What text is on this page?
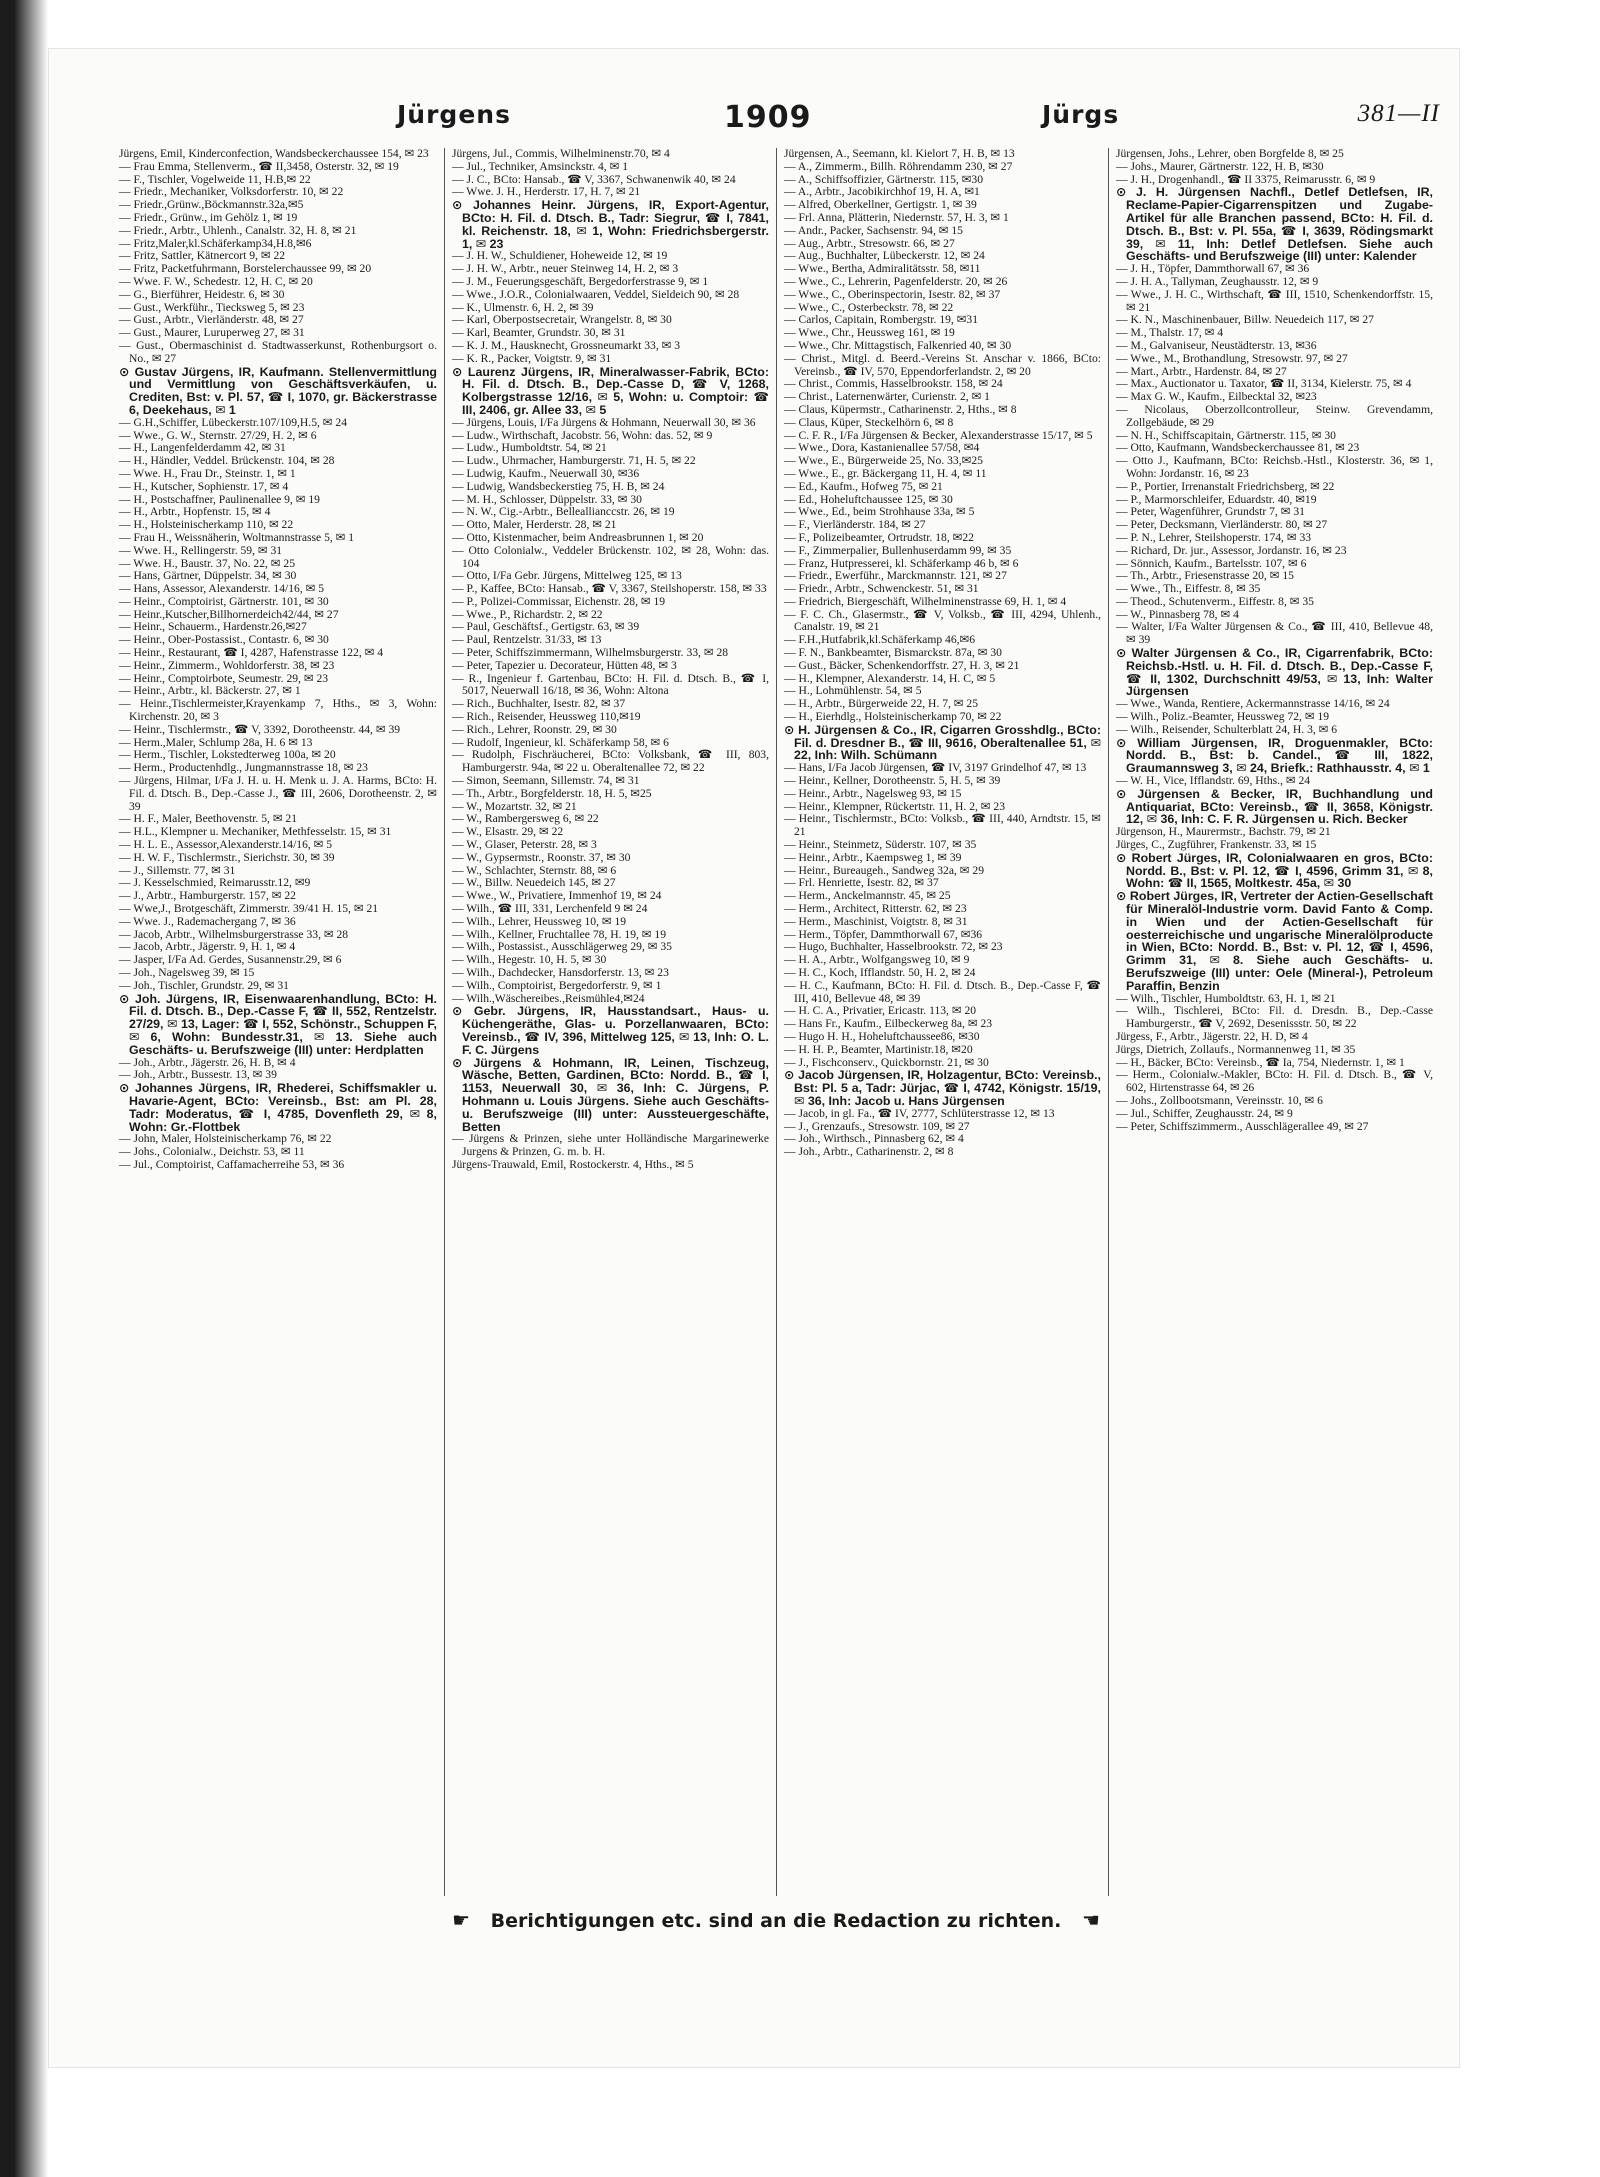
Jürgens	1909	Jürgs	381—II

Jürgens, Emil, Kinderconfection, Wandsbeckerchaussee 154, ✉ 23

— Frau Emma, Stellenverm., ☎ II,3458, Osterstr. 32, ✉ 19

— F., Tischler, Vogelweide 11, H.B,✉ 22

— Friedr., Mechaniker, Volksdorferstr. 10, ✉ 22

— Friedr.,Grünw.,Böckmannstr.32a,✉5

— Friedr., Grünw., im Gehölz 1, ✉ 19

— Friedr., Arbtr., Uhlenh., Canalstr. 32, H. 8, ✉ 21

— Fritz,Maler,kl.Schäferkamp34,H.8,✉6

— Fritz, Sattler, Kätnercort 9, ✉ 22

— Fritz, Packetfuhrmann, Borstelerchaussee 99, ✉ 20

— Wwe. F. W., Schedestr. 12, H. C, ✉ 20

— G., Bierführer, Heidestr. 6, ✉ 30

— Gust., Werkführ., Tiecksweg 5, ✉ 23

— Gust., Arbtr., Vierländerstr. 48, ✉ 27

— Gust., Maurer, Luruperweg 27, ✉ 31

— Gust., Obermaschinist d. Stadtwasserkunst, Rothenburgsort o. No., ✉ 27

⊙ Gustav Jürgens, IR, Kaufmann. Stellenvermittlung und Vermittlung von Geschäftsverkäufen, u. Crediten, Bst: v. Pl. 57, ☎ I, 1070, gr. Bäckerstrasse 6, Deekehaus, ✉ 1

— G.H.,Schiffer, Lübeckerstr.107/109,H.5, ✉ 24

— Wwe., G. W., Sternstr. 27/29, H. 2, ✉ 6

— H., Langenfelderdamm 42, ✉ 31

— H., Händler, Veddel. Brückenstr. 104, ✉ 28

— Wwe. H., Frau Dr., Steinstr. 1, ✉ 1

— H., Kutscher, Sophienstr. 17, ✉ 4

— H., Postschaffner, Paulinenallee 9, ✉ 19

— H., Arbtr., Hopfenstr. 15, ✉ 4

— H., Holsteinischerkamp 110, ✉ 22

— Frau H., Weissnäherin, Woltmannstrasse 5, ✉ 1

— Wwe. H., Rellingerstr. 59, ✉ 31

— Wwe. H., Baustr. 37, No. 22, ✉ 25

— Hans, Gärtner, Düppelstr. 34, ✉ 30

— Hans, Assessor, Alexanderstr. 14/16, ✉ 5

— Heinr., Comptoirist, Gärtnerstr. 101, ✉ 30

— Heinr.,Kutscher,Billhornerdeich42/44, ✉ 27

— Heinr., Schauerm., Hardenstr.26,✉27

— Heinr., Ober-Postassist., Contastr. 6, ✉ 30

— Heinr., Restaurant, ☎ I, 4287, Hafenstrasse 122, ✉ 4

— Heinr., Zimmerm., Wohldorferstr. 38, ✉ 23

— Heinr., Comptoirbote, Seumestr. 29, ✉ 23

— Heinr., Arbtr., kl. Bäckerstr. 27, ✉ 1

— Heinr.,Tischlermeister,Krayenkamp 7, Hths., ✉ 3, Wohn: Kirchenstr. 20, ✉ 3

— Heinr., Tischlermstr., ☎ V, 3392, Dorotheenstr. 44, ✉ 39

— Herm.,Maler, Schlump 28a, H. 6 ✉ 13

— Herm., Tischler, Lokstedterweg 100a, ✉ 20

— Herm., Productenhdlg., Jungmannstrasse 18, ✉ 23

— Jürgens, Hilmar, I/Fa J. H. u. H. Menk u. J. A. Harms, BCto: H. Fil. d. Dtsch. B., Dep.-Casse J., ☎ III, 2606, Dorotheenstr. 2, ✉ 39

— H. F., Maler, Beethovenstr. 5, ✉ 21

— H.L., Klempner u. Mechaniker, Methfesselstr. 15, ✉ 31

— H. L. E., Assessor,Alexanderstr.14/16, ✉ 5

— H. W. F., Tischlermstr., Sierichstr. 30, ✉ 39

— J., Sillemstr. 77, ✉ 31

— J. Kesselschmied, Reimarusstr.12, ✉9

— J., Arbtr., Hamburgerstr. 157, ✉ 22

— Wwe,J., Brotgeschäft, Zimmerstr. 39/41 H. 15, ✉ 21

— Wwe. J., Rademachergang 7, ✉ 36

— Jacob, Arbtr., Wilhelmsburgerstrasse 33, ✉ 28

— Jacob, Arbtr., Jägerstr. 9, H. 1, ✉ 4

— Jasper, I/Fa Ad. Gerdes, Susannenstr.29, ✉ 6

— Joh., Nagelsweg 39, ✉ 15

— Joh., Tischler, Grundstr. 29, ✉ 31

⊙ Joh. Jürgens, IR, Eisenwaarenhandlung, BCto: H. Fil. d. Dtsch. B., Dep.-Casse F, ☎ II, 552, Rentzelstr. 27/29, ✉ 13, Lager: ☎ I, 552, Schönstr., Schuppen F, ✉ 6, Wohn: Bundesstr.31, ✉ 13. Siehe auch Geschäfts- u. Berufszweige (III) unter: Herdplatten

— Joh., Arbtr., Jägerstr. 26, H. B, ✉ 4

— Joh., Arbtr., Bussestr. 13, ✉ 39

⊙ Johannes Jürgens, IR, Rhederei, Schiffsmakler u. Havarie-Agent, BCto: Vereinsb., Bst: am Pl. 28, Tadr: Moderatus, ☎ I, 4785, Dovenfleth 29, ✉ 8, Wohn: Gr.-Flottbek

— John, Maler, Holsteinischerkamp 76, ✉ 22

— Johs., Colonialw., Deichstr. 53, ✉ 11

— Jul., Comptoirist, Caffamacherreihe 53, ✉ 36

Jürgens, Jul., Commis, Wilhelminenstr.70, ✉ 4

— Jul., Techniker, Amsinckstr. 4, ✉ 1

— J. C., BCto: Hansab., ☎ V, 3367, Schwanenwik 40, ✉ 24

— Wwe. J. H., Herderstr. 17, H. 7, ✉ 21

⊙ Johannes Heinr. Jürgens, IR, Export-Agentur, BCto: H. Fil. d. Dtsch. B., Tadr: Siegrur, ☎ I, 7841, kl. Reichenstr. 18, ✉ 1, Wohn: Friedrichsbergerstr. 1, ✉ 23

— J. H. W., Schuldiener, Hoheweide 12, ✉ 19

— J. H. W., Arbtr., neuer Steinweg 14, H. 2, ✉ 3

— J. M., Feuerungsgeschäft, Bergedorferstrasse 9, ✉ 1

— Wwe., J.O.R., Colonialwaaren, Veddel, Sieldeich 90, ✉ 28

— K., Ulmenstr. 6, H. 2, ✉ 39

— Karl, Oberpostsecretair, Wrangelstr. 8, ✉ 30

— Karl, Beamter, Grundstr. 30, ✉ 31

— K. J. M., Hausknecht, Grossneumarkt 33, ✉ 3

— K. R., Packer, Voigtstr. 9, ✉ 31

⊙ Laurenz Jürgens, IR, Mineralwasser-Fabrik, BCto: H. Fil. d. Dtsch. B., Dep.-Casse D, ☎ V, 1268, Kolbergstrasse 12/16, ✉ 5, Wohn: u. Comptoir: ☎ III, 2406, gr. Allee 33, ✉ 5

— Jürgens, Louis, I/Fa Jürgens & Hohmann, Neuerwall 30, ✉ 36

— Ludw., Wirthschaft, Jacobstr. 56, Wohn: das. 52, ✉ 9

— Ludw., Humboldtstr. 54, ✉ 21

— Ludw., Uhrmacher, Hamburgerstr. 71, H. 5, ✉ 22

— Ludwig, Kaufm., Neuerwall 30, ✉36

— Ludwig, Wandsbeckerstieg 75, H. B, ✉ 24

— M. H., Schlosser, Düppelstr. 33, ✉ 30

— N. W., Cig.-Arbtr., Belleallianccstr. 26, ✉ 19

— Otto, Maler, Herderstr. 28, ✉ 21

— Otto, Kistenmacher, beim Andreasbrunnen 1, ✉ 20

— Otto Colonialw., Veddeler Brückenstr. 102, ✉ 28, Wohn: das. 104

— Otto, I/Fa Gebr. Jürgens, Mittelweg 125, ✉ 13

— P., Kaffee, BCto: Hansab., ☎ V, 3367, Steilshoperstr. 158, ✉ 33

— P., Polizei-Commissar, Eichenstr. 28, ✉ 19

— Wwe., P., Richardstr. 2, ✉ 22

— Paul, Geschäftsf., Gertigstr. 63, ✉ 39

— Paul, Rentzelstr. 31/33, ✉ 13

— Peter, Schiffszimmermann, Wilhelmsburgerstr. 33, ✉ 28

— Peter, Tapezier u. Decorateur, Hütten 48, ✉ 3

— R., Ingenieur f. Gartenbau, BCto: H. Fil. d. Dtsch. B., ☎ I, 5017, Neuerwall 16/18, ✉ 36, Wohn: Altona

— Rich., Buchhalter, Isestr. 82, ✉ 37

— Rich., Reisender, Heussweg 110,✉19

— Rich., Lehrer, Roonstr. 29, ✉ 30

— Rudolf, Ingenieur, kl. Schäferkamp 58, ✉ 6

— Rudolph, Fischräucherei, BCto: Volksbank, ☎ III, 803, Hamburgerstr. 94a, ✉ 22 u. Oberaltenallee 72, ✉ 22

— Simon, Seemann, Sillemstr. 74, ✉ 31

— Th., Arbtr., Borgfelderstr. 18, H. 5, ✉25

— W., Mozartstr. 32, ✉ 21

— W., Rambergersweg 6, ✉ 22

— W., Elsastr. 29, ✉ 22

— W., Glaser, Peterstr. 28, ✉ 3

— W., Gypsermstr., Roonstr. 37, ✉ 30

— W., Schlachter, Sternstr. 88, ✉ 6

— W., Billw. Neuedeich 145, ✉ 27

— Wwe., W., Privatiere, Immenhof 19, ✉ 24

— Wilh., ☎ III, 331, Lerchenfeld 9 ✉ 24

— Wilh., Lehrer, Heussweg 10, ✉ 19

— Wilh., Kellner, Fruchtallee 78, H. 19, ✉ 19

— Wilh., Postassist., Ausschlägerweg 29, ✉ 35

— Wilh., Hegestr. 10, H. 5, ✉ 30

— Wilh., Dachdecker, Hansdorferstr. 13, ✉ 23

— Wilh., Comptoirist, Bergedorferstr. 9, ✉ 1

— Wilh.,Wäschereibes.,Reismühle4,✉24

⊙ Gebr. Jürgens, IR, Hausstandsart., Haus- u. Küchengeräthe, Glas- u. Porzellanwaaren, BCto: Vereinsb., ☎ IV, 396, Mittelweg 125, ✉ 13, Inh: O. L. F. C. Jürgens

⊙ Jürgens & Hohmann, IR, Leinen, Tischzeug, Wäsche, Betten, Gardinen, BCto: Nordd. B., ☎ I, 1153, Neuerwall 30, ✉ 36, Inh: C. Jürgens, P. Hohmann u. Louis Jürgens. Siehe auch Geschäfts- u. Berufszweige (III) unter: Aussteuergeschäfte, Betten

— Jürgens & Prinzen, siehe unter Holländische Margarinewerke Jurgens & Prinzen, G. m. b. H.

Jürgens-Trauwald, Emil, Rostockerstr. 4, Hths., ✉ 5

Jürgensen, A., Seemann, kl. Kielort 7, H. B, ✉ 13

— A., Zimmerm., Billh. Röhrendamm 230, ✉ 27

— A., Schiffsoffizier, Gärtnerstr. 115, ✉30

— A., Arbtr., Jacobikirchhof 19, H. A, ✉1

— Alfred, Oberkellner, Gertigstr. 1, ✉ 39

— Frl. Anna, Plätterin, Niedernstr. 57, H. 3, ✉ 1

— Andr., Packer, Sachsenstr. 94, ✉ 15

— Aug., Arbtr., Stresowstr. 66, ✉ 27

— Aug., Buchhalter, Lübeckerstr. 12, ✉ 24

— Wwe., Bertha, Admiralitätsstr. 58, ✉11

— Wwe., C., Lehrerin, Pagenfelderstr. 20, ✉ 26

— Wwe., C., Oberinspectorin, Isestr. 82, ✉ 37

— Wwe., C., Osterbeckstr. 78, ✉ 22

— Carlos, Capitain, Rombergstr. 19, ✉31

— Wwe., Chr., Heussweg 161, ✉ 19

— Wwe., Chr. Mittagstisch, Falkenried 40, ✉ 30

— Christ., Mitgl. d. Beerd.-Vereins St. Anschar v. 1866, BCto: Vereinsb., ☎ IV, 570, Eppendorferlandstr. 2, ✉ 20

— Christ., Commis, Hasselbrookstr. 158, ✉ 24

— Christ., Laternenwärter, Curienstr. 2, ✉ 1

— Claus, Küpermstr., Catharinenstr. 2, Hths., ✉ 8

— Claus, Küper, Steckelhörn 6, ✉ 8

— C. F. R., I/Fa Jürgensen & Becker, Alexanderstrasse 15/17, ✉ 5

— Wwe., Dora, Kastanienallee 57/58, ✉4

— Wwe., E., Bürgerweide 25, No. 33,✉25

— Wwe., E., gr. Bäckergang 11, H. 4, ✉ 11

— Ed., Kaufm., Hofweg 75, ✉ 21

— Ed., Hoheluftchaussee 125, ✉ 30

— Wwe., Ed., beim Strohhause 33a, ✉ 5

— F., Vierländerstr. 184, ✉ 27

— F., Polizeibeamter, Ortrudstr. 18, ✉22

— F., Zimmerpalier, Bullenhuserdamm 99, ✉ 35

— Franz, Hutpresserei, kl. Schäferkamp 46 b, ✉ 6

— Friedr., Ewerführ., Marckmannstr. 121, ✉ 27

— Friedr., Arbtr., Schwenckestr. 51, ✉ 31

— Friedrich, Biergeschäft, Wilhelminenstrasse 69, H. 1, ✉ 4

— F. C. Ch., Glasermstr., ☎ V, Volksb., ☎ III, 4294, Uhlenh., Canalstr. 19, ✉ 21

— F.H.,Hutfabrik,kl.Schäferkamp 46,✉6

— F. N., Bankbeamter, Bismarckstr. 87a, ✉ 30

— Gust., Bäcker, Schenkendorffstr. 27, H. 3, ✉ 21

— H., Klempner, Alexanderstr. 14, H. C, ✉ 5

— H., Lohmühlenstr. 54, ✉ 5

— H., Arbtr., Bürgerweide 22, H. 7, ✉ 25

— H., Eierhdlg., Holsteinischerkamp 70, ✉ 22

⊙ H. Jürgensen & Co., IR, Cigarren Grosshdlg., BCto: Fil. d. Dresdner B., ☎ III, 9616, Oberaltenallee 51, ✉ 22, Inh: Wilh. Schümann

— Hans, I/Fa Jacob Jürgensen, ☎ IV, 3197 Grindelhof 47, ✉ 13

— Heinr., Kellner, Dorotheenstr. 5, H. 5, ✉ 39

— Heinr., Arbtr., Nagelsweg 93, ✉ 15

— Heinr., Klempner, Rückertstr. 11, H. 2, ✉ 23

— Heinr., Tischlermstr., BCto: Volksb., ☎ III, 440, Arndtstr. 15, ✉ 21

— Heinr., Steinmetz, Süderstr. 107, ✉ 35

— Heinr., Arbtr., Kaempsweg 1, ✉ 39

— Heinr., Bureaugeh., Sandweg 32a, ✉ 29

— Frl. Henriette, Isestr. 82, ✉ 37

— Herm., Anckelmannstr. 45, ✉ 25

— Herm., Architect, Ritterstr. 62, ✉ 23

— Herm., Maschinist, Voigtstr. 8, ✉ 31

— Herm., Töpfer, Dammthorwall 67, ✉36

— Hugo, Buchhalter, Hasselbrookstr. 72, ✉ 23

— H. A., Arbtr., Wolfgangsweg 10, ✉ 9

— H. C., Koch, Ifflandstr. 50, H. 2, ✉ 24

— H. C., Kaufmann, BCto: H. Fil. d. Dtsch. B., Dep.-Casse F, ☎ III, 410, Bellevue 48, ✉ 39

— H. C. A., Privatier, Ericastr. 113, ✉ 20

— Hans Fr., Kaufm., Eilbeckerweg 8a, ✉ 23

— Hugo H. H., Hoheluftchaussee86, ✉30

— H. H. P., Beamter, Martinistr.18, ✉20

— J., Fischconserv., Quickbornstr. 21, ✉ 30

⊙ Jacob Jürgensen, IR, Holzagentur, BCto: Vereinsb., Bst: Pl. 5 a, Tadr: Jürjac, ☎ I, 4742, Königstr. 15/19, ✉ 36, Inh: Jacob u. Hans Jürgensen

— Jacob, in gl. Fa., ☎ IV, 2777, Schlüterstrasse 12, ✉ 13

— J., Grenzaufs., Stresowstr. 109, ✉ 27

— Joh., Wirthsch., Pinnasberg 62, ✉ 4

— Joh., Arbtr., Catharinenstr. 2, ✉ 8

Jürgensen, Johs., Lehrer, oben Borgfelde 8, ✉ 25

— Johs., Maurer, Gärtnerstr. 122, H. B, ✉30

— J. H., Drogenhandl., ☎ II 3375, Reimarusstr. 6, ✉ 9

⊙ J. H. Jürgensen Nachfl., Detlef Detlefsen, IR, Reclame-Papier-Cigarrenspitzen und Zugabe-Artikel für alle Branchen passend, BCto: H. Fil. d. Dtsch. B., Bst: v. Pl. 55a, ☎ I, 3639, Rödingsmarkt 39, ✉ 11, Inh: Detlef Detlefsen. Siehe auch Geschäfts- und Berufszweige (III) unter: Kalender

— J. H., Töpfer, Dammthorwall 67, ✉ 36

— J. H. A., Tallyman, Zeughausstr. 12, ✉ 9

— Wwe., J. H. C., Wirthschaft, ☎ III, 1510, Schenkendorffstr. 15, ✉ 21

— K. N., Maschinenbauer, Billw. Neuedeich 117, ✉ 27

— M., Thalstr. 17, ✉ 4

— M., Galvaniseur, Neustädterstr. 13, ✉36

— Wwe., M., Brothandlung, Stresowstr. 97, ✉ 27

— Mart., Arbtr., Hardenstr. 84, ✉ 27

— Max., Auctionator u. Taxator, ☎ II, 3134, Kielerstr. 75, ✉ 4

— Max G. W., Kaufm., Eilbecktal 32, ✉23

— Nicolaus, Oberzollcontrolleur, Steinw. Grevendamm, Zollgebäude, ✉ 29

— N. H., Schiffscapitain, Gärtnerstr. 115, ✉ 30

— Otto, Kaufmann, Wandsbeckerchaussee 81, ✉ 23

— Otto J., Kaufmann, BCto: Reichsb.-Hstl., Klosterstr. 36, ✉ 1, Wohn: Jordanstr. 16, ✉ 23

— P., Portier, Irrenanstalt Friedrichsberg, ✉ 22

— P., Marmorschleifer, Eduardstr. 40, ✉19

— Peter, Wagenführer, Grundstr 7, ✉ 31

— Peter, Decksmann, Vierländerstr. 80, ✉ 27

— P. N., Lehrer, Steilshoperstr. 174, ✉ 33

— Richard, Dr. jur., Assessor, Jordanstr. 16, ✉ 23

— Sönnich, Kaufm., Bartelsstr. 107, ✉ 6

— Th., Arbtr., Friesenstrasse 20, ✉ 15

— Wwe., Th., Eiffestr. 8, ✉ 35

— Theod., Schutenverm., Eiffestr. 8, ✉ 35

— W., Pinnasberg 78, ✉ 4

— Walter, I/Fa Walter Jürgensen & Co., ☎ III, 410, Bellevue 48, ✉ 39

⊙ Walter Jürgensen & Co., IR, Cigarrenfabrik, BCto: Reichsb.-Hstl. u. H. Fil. d. Dtsch. B., Dep.-Casse F, ☎ II, 1302, Durchschnitt 49/53, ✉ 13, Inh: Walter Jürgensen

— Wwe., Wanda, Rentiere, Ackermannstrasse 14/16, ✉ 24

— Wilh., Poliz.-Beamter, Heussweg 72, ✉ 19

— Wilh., Reisender, Schulterblatt 24, H. 3, ✉ 6

⊙ William Jürgensen, IR, Droguenmakler, BCto: Nordd. B., Bst: b. Candel., ☎ III, 1822, Graumannsweg 3, ✉ 24, Briefk.: Rathhausstr. 4, ✉ 1

— W. H., Vice, Ifflandstr. 69, Hths., ✉ 24

⊙ Jürgensen & Becker, IR, Buchhandlung und Antiquariat, BCto: Vereinsb., ☎ II, 3658, Königstr. 12, ✉ 36, Inh: C. F. R. Jürgensen u. Rich. Becker

Jürgenson, H., Maurermstr., Bachstr. 79, ✉ 21

Jürges, C., Zugführer, Frankenstr. 33, ✉ 15

⊙ Robert Jürges, IR, Colonialwaaren en gros, BCto: Nordd. B., Bst: v. Pl. 12, ☎ I, 4596, Grimm 31, ✉ 8, Wohn: ☎ II, 1565, Moltkestr. 45a, ✉ 30

⊙ Robert Jürges, IR, Vertreter der Actien-Gesellschaft für Mineralöl-Industrie vorm. David Fanto & Comp. in Wien und der Actien-Gesellschaft für oesterreichische und ungarische Mineralölproducte in Wien, BCto: Nordd. B., Bst: v. Pl. 12, ☎ I, 4596, Grimm 31, ✉ 8. Siehe auch Geschäfts- u. Berufszweige (III) unter: Oele (Mineral-), Petroleum Paraffin, Benzin

— Wilh., Tischler, Humboldtstr. 63, H. 1, ✉ 21

— Wilh., Tischlerei, BCto: Fil. d. Dresdn. B., Dep.-Casse Hamburgerstr., ☎ V, 2692, Desenissstr. 50, ✉ 22

Jürgess, F., Arbtr., Jägerstr. 22, H. D, ✉ 4

Jürgs, Dietrich, Zollaufs., Normannenweg 11, ✉ 35

— H., Bäcker, BCto: Vereinsb., ☎ Ia, 754, Niedernstr. 1, ✉ 1

— Herm., Colonialw.-Makler, BCto: H. Fil. d. Dtsch. B., ☎ V, 602, Hirtenstrasse 64, ✉ 26

— Johs., Zollbootsmann, Vereinsstr. 10, ✉ 6

— Jul., Schiffer, Zeughausstr. 24, ✉ 9

— Peter, Schiffszimmerm., Ausschlägerallee 49, ✉ 27

☛ Berichtigungen etc. sind an die Redaction zu richten. ☚
